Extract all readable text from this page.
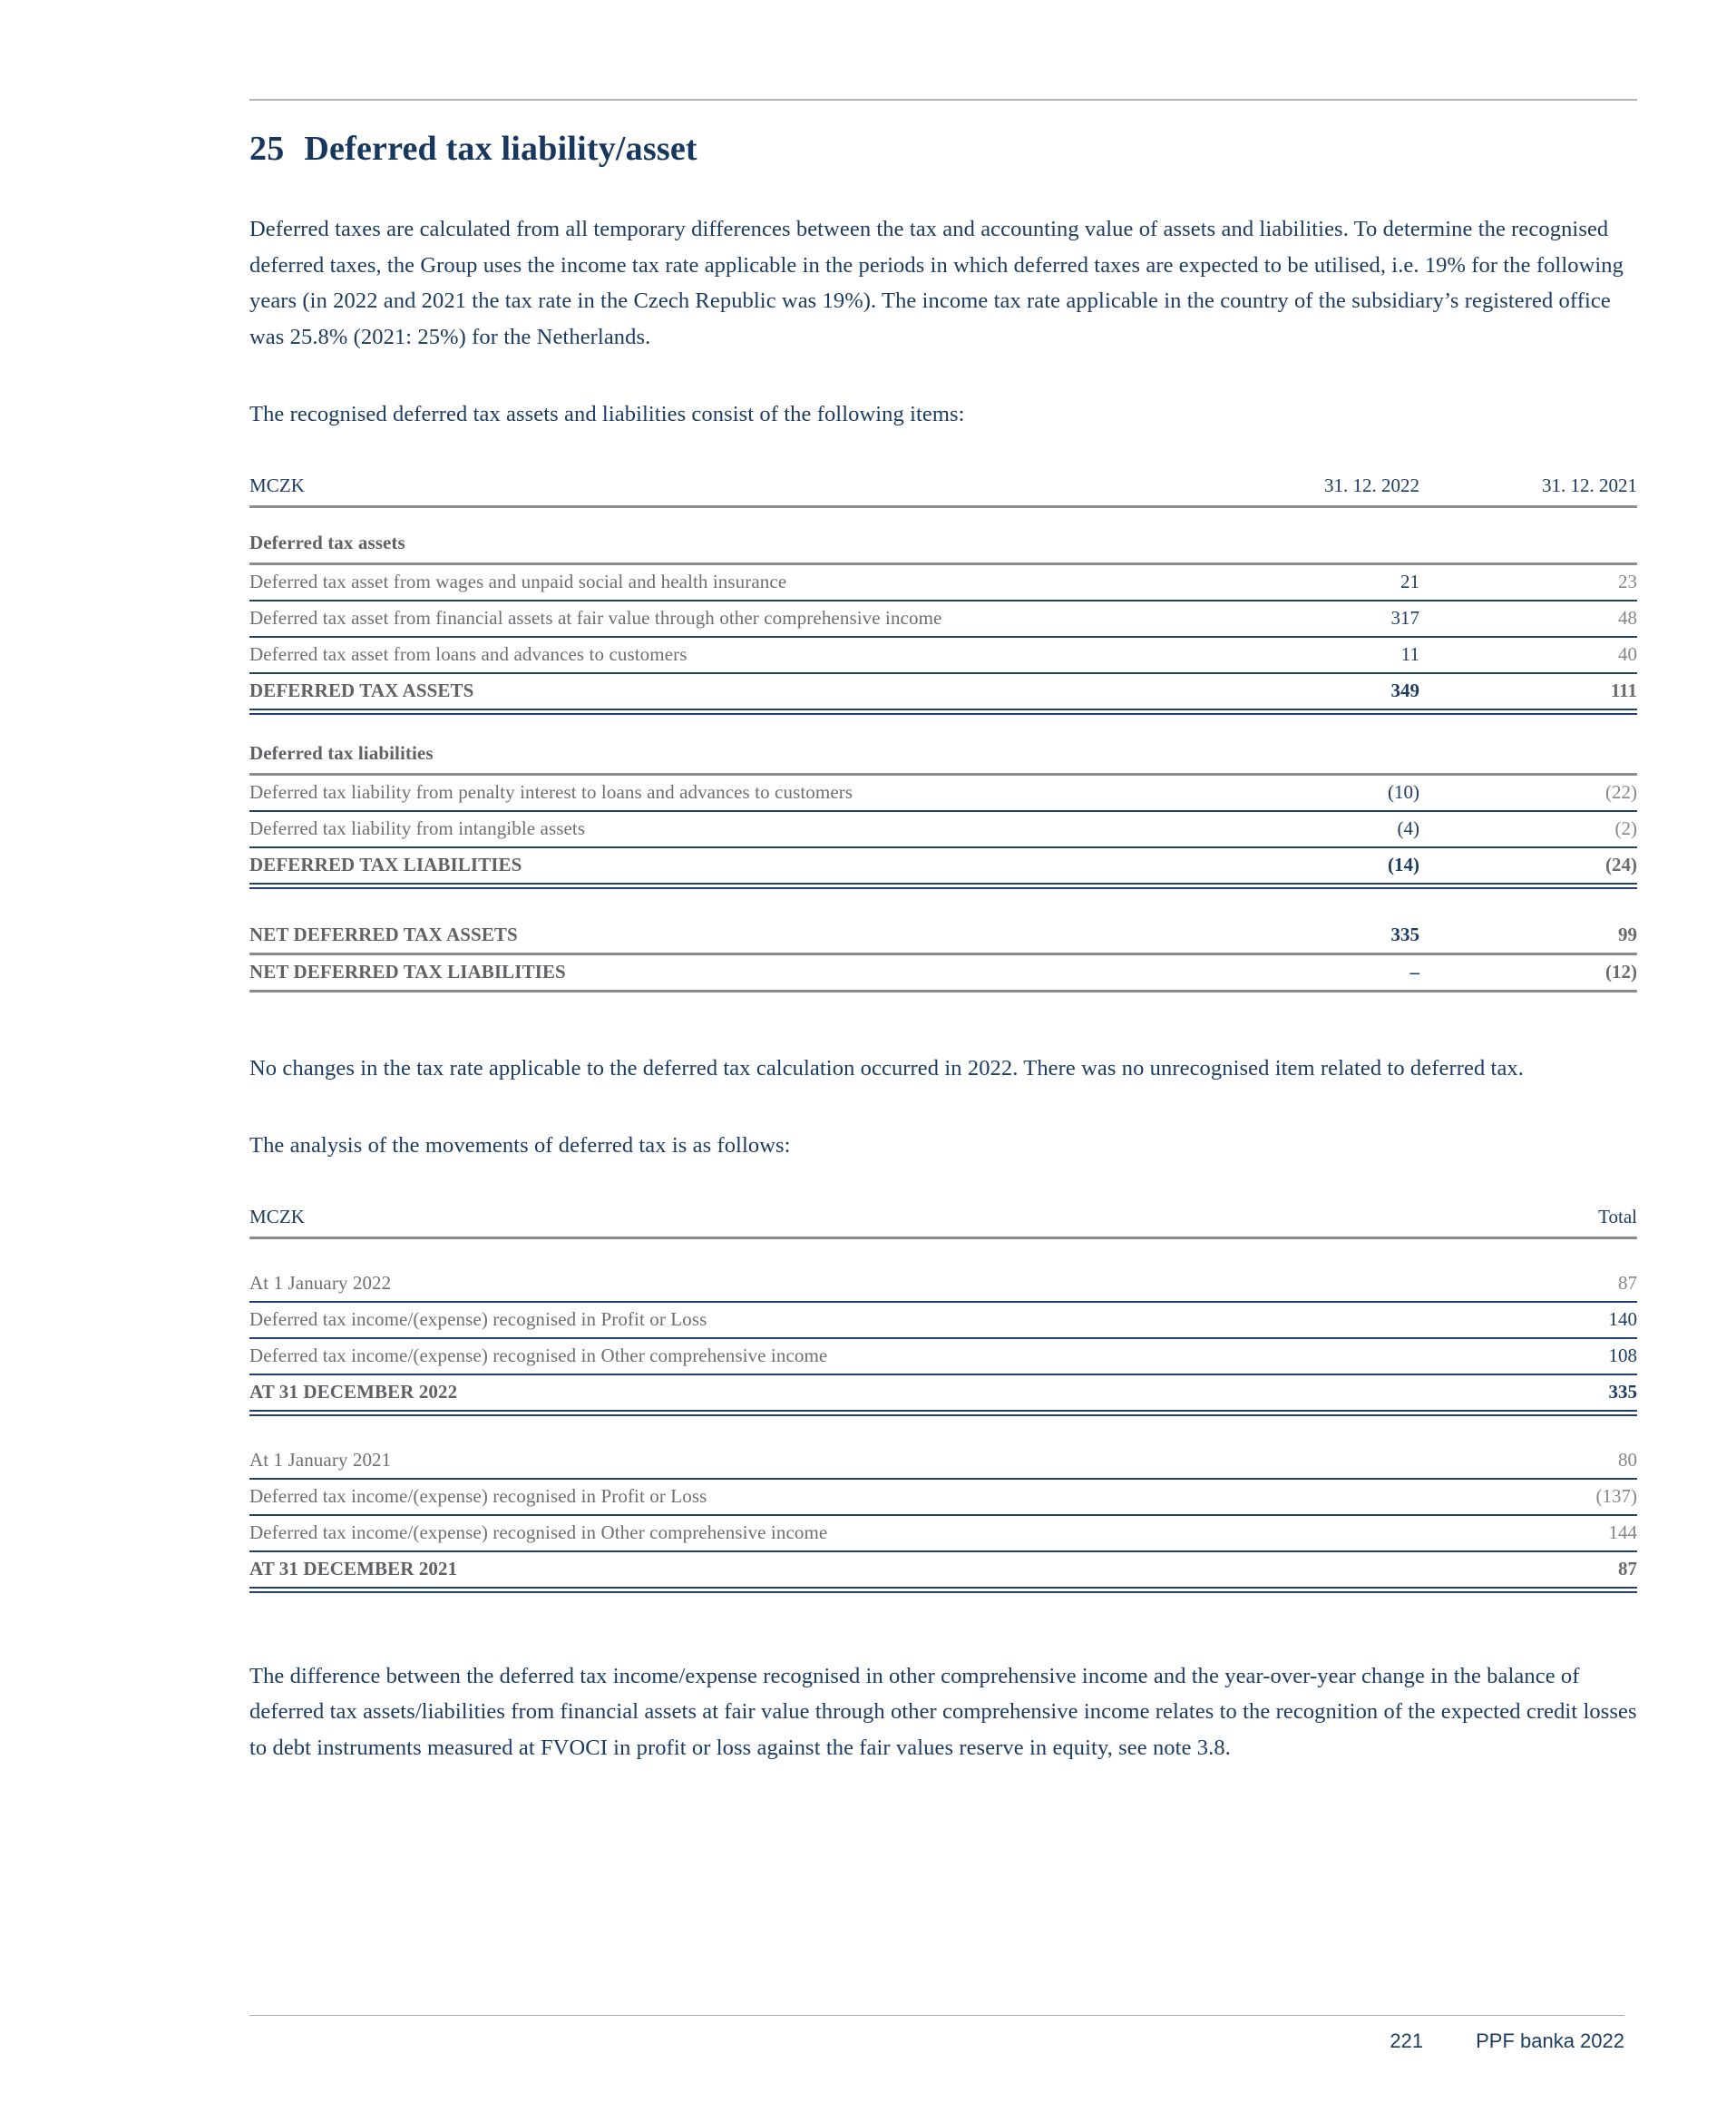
25 Deferred tax liability/asset

Deferred taxes are calculated from all temporary differences between the tax and accounting value of assets and liabilities. To determine the recognised deferred taxes, the Group uses the income tax rate applicable in the periods in which deferred taxes are expected to be utilised, i.e. 19% for the following years (in 2022 and 2021 the tax rate in the Czech Republic was 19%). The income tax rate applicable in the country of the subsidiary’s registered office was 25.8% (2021: 25%) for the Netherlands.

The recognised deferred tax assets and liabilities consist of the following items:

MCZK	31. 12. 2022	31. 12. 2021
Deferred tax assets
Deferred tax asset from wages and unpaid social and health insurance	21	23
Deferred tax asset from financial assets at fair value through other comprehensive income	317	48
Deferred tax asset from loans and advances to customers	11	40
DEFERRED TAX ASSETS	349	111
Deferred tax liabilities
Deferred tax liability from penalty interest to loans and advances to customers	(10)	(22)
Deferred tax liability from intangible assets	(4)	(2)
DEFERRED TAX LIABILITIES	(14)	(24)
NET DEFERRED TAX ASSETS	335	99
NET DEFERRED TAX LIABILITIES	–	(12)

No changes in the tax rate applicable to the deferred tax calculation occurred in 2022. There was no unrecognised item related to deferred tax.

The analysis of the movements of deferred tax is as follows:

MCZK	Total
At 1 January 2022	87
Deferred tax income/(expense) recognised in Profit or Loss	140
Deferred tax income/(expense) recognised in Other comprehensive income	108
AT 31 DECEMBER 2022	335
At 1 January 2021	80
Deferred tax income/(expense) recognised in Profit or Loss	(137)
Deferred tax income/(expense) recognised in Other comprehensive income	144
AT 31 DECEMBER 2021	87

The difference between the deferred tax income/expense recognised in other comprehensive income and the year-over-year change in the balance of deferred tax assets/liabilities from financial assets at fair value through other comprehensive income relates to the recognition of the expected credit losses to debt instruments measured at FVOCI in profit or loss against the fair values reserve in equity, see note 3.8.

221	PPF banka 2022
